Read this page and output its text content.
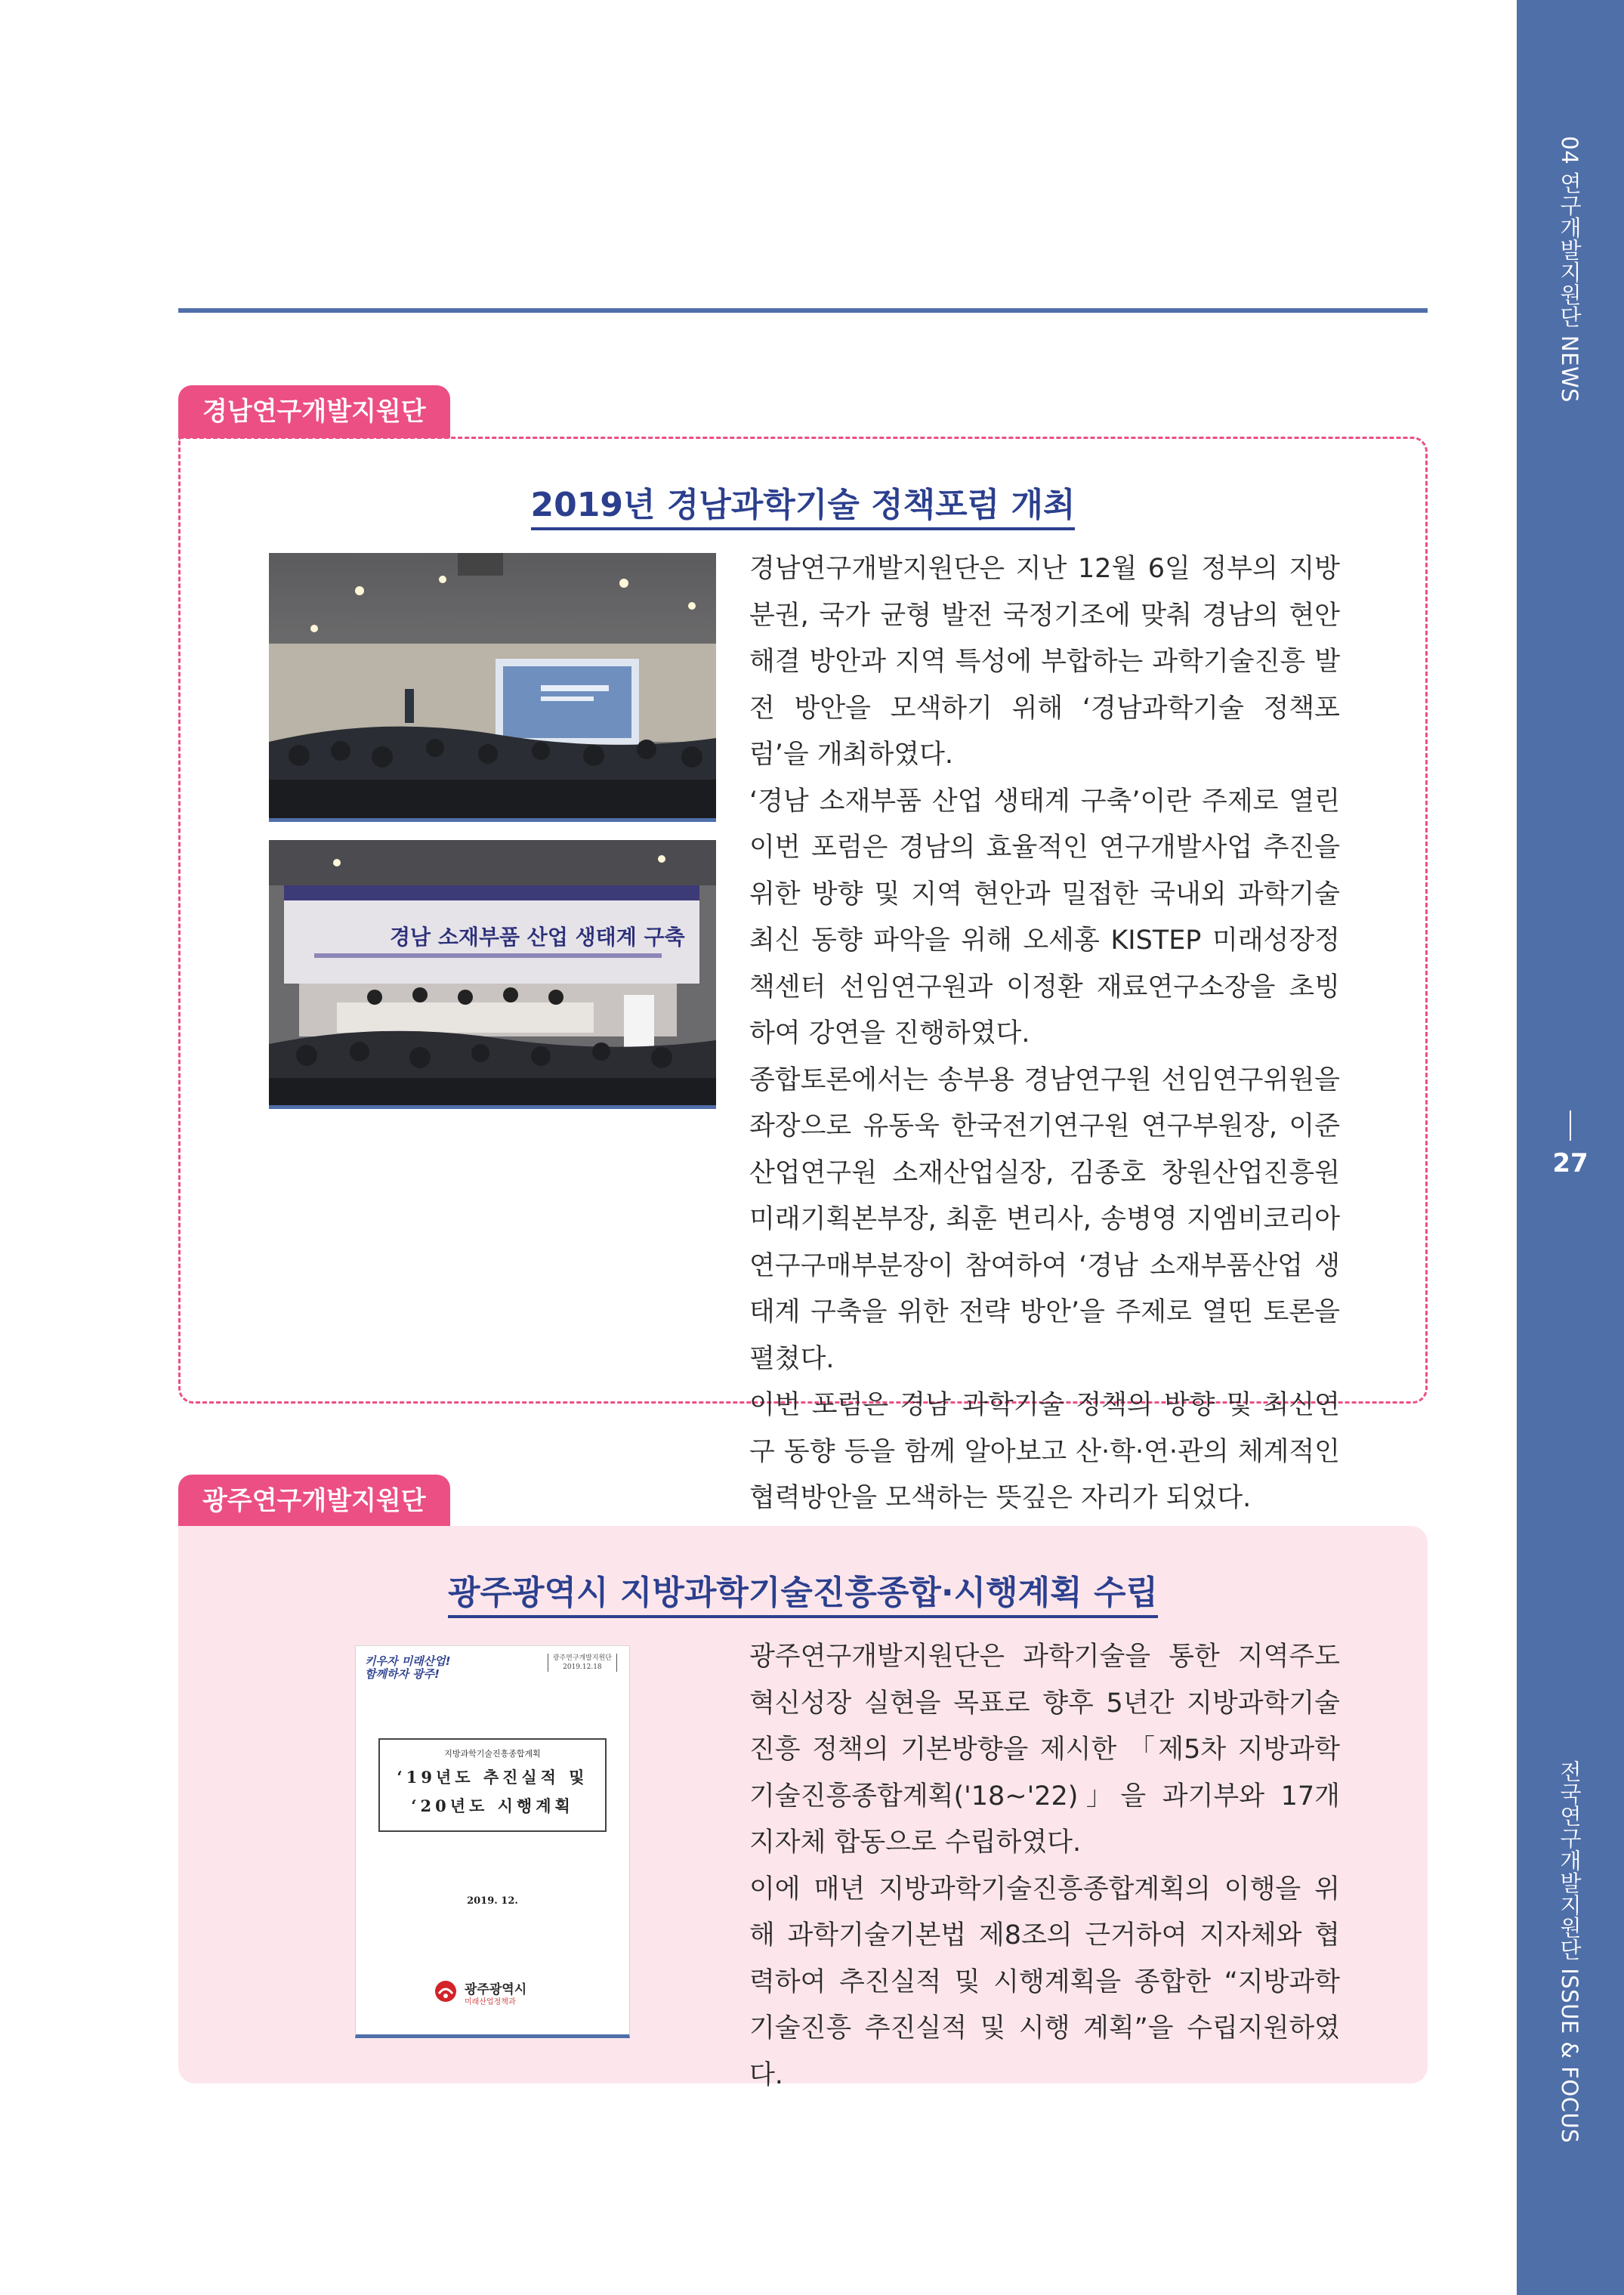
04 연구개발지원단 NEWS
27
전국연구개발지원단 ISSUE & FOCUS
경남연구개발지원단
2019년 경남과학기술 정책포럼 개최
경남 소재부품 산업 생태계 구축

경남연구개발지원단은 지난 12월 6일 정부의 지방 분권, 국가 균형 발전 국정기조에 맞춰 경남의 현안 해결 방안과 지역 특성에 부합하는 과학기술진흥 발전 방안을 모색하기 위해 ‘경남과학기술 정책포럼’을 개최하였다.

‘경남 소재부품 산업 생태계 구축’이란 주제로 열린 이번 포럼은 경남의 효율적인 연구개발사업 추진을 위한 방향 및 지역 현안과 밀접한 국내외 과학기술 최신 동향 파악을 위해 오세홍 KISTEP 미래성장정책센터 선임연구원과 이정환 재료연구소장을 초빙하여 강연을 진행하였다.

종합토론에서는 송부용 경남연구원 선임연구위원을 좌장으로 유동욱 한국전기연구원 연구부원장, 이준 산업연구원 소재산업실장, 김종호 창원산업진흥원 미래기획본부장, 최훈 변리사, 송병영 지엠비코리아 연구구매부분장이 참여하여 ‘경남 소재부품산업 생태계 구축을 위한 전략 방안’을 주제로 열띤 토론을 펼쳤다.

이번 포럼은 경남 과학기술 정책의 방향 및 최신연구 동향 등을 함께 알아보고 산·학·연·관의 체계적인 협력방안을 모색하는 뜻깊은 자리가 되었다.

광주연구개발지원단
광주광역시 지방과학기술진흥종합·시행계획 수립
키우자 미래산업!
함께하자 광주!
광주연구개발지원단
2019.12.18
지방과학기술진흥종합계획
‘19년도 추진실적 및
‘20년도 시행계획
2019. 12.
광주광역시
미래산업정책과

광주연구개발지원단은 과학기술을 통한 지역주도 혁신성장 실현을 목표로 향후 5년간 지방과학기술진흥 정책의 기본방향을 제시한 「제5차 지방과학기술진흥종합계획('18~'22)」을 과기부와 17개 지자체 합동으로 수립하였다.

이에 매년 지방과학기술진흥종합계획의 이행을 위해 과학기술기본법 제8조의 근거하여 지자체와 협력하여 추진실적 및 시행계획을 종합한 “지방과학기술진흥 추진실적 및 시행 계획”을 수립지원하였다.
